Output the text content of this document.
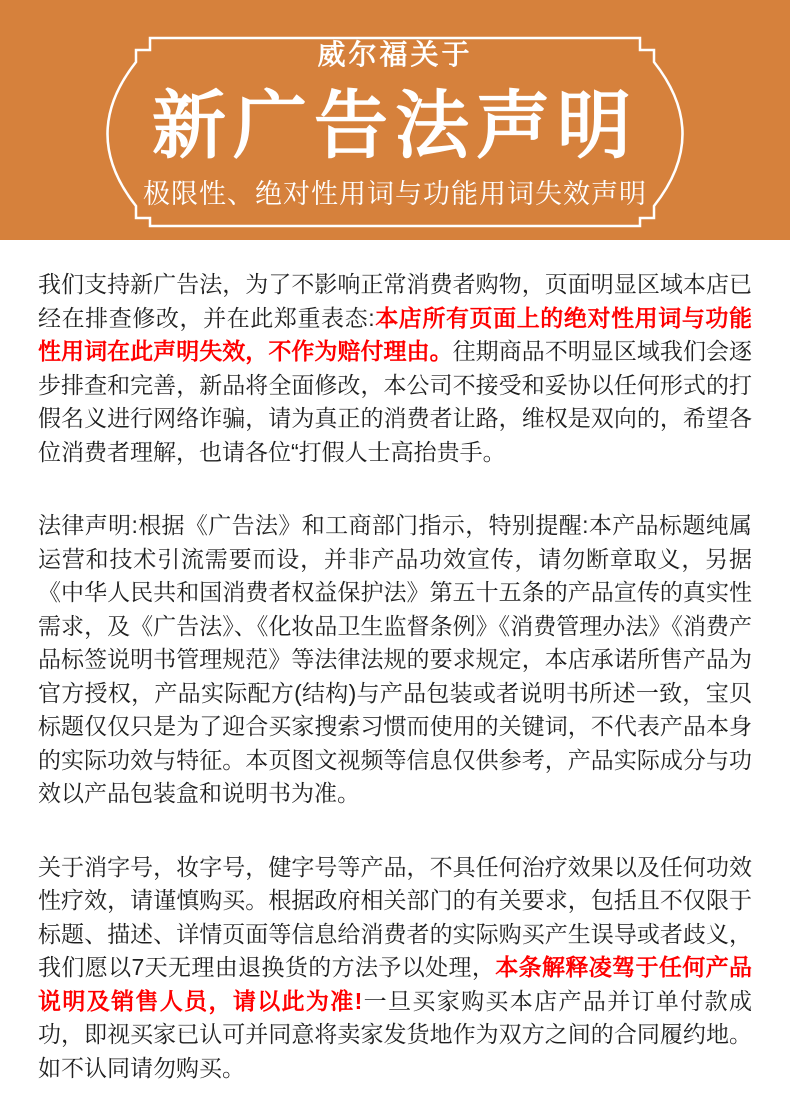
威尔福关于
新广告法声明
极限性、绝对性用词与功能用词失效声明

我们支持新广告法，为了不影响正常消费者购物，页面明显区域本店已经在排查修改，并在此郑重表态:本店所有页面上的绝对性用词与功能性用词在此声明失效，不作为赔付理由。往期商品不明显区域我们会逐步排查和完善，新品将全面修改，本公司不接受和妥协以任何形式的打假名义进行网络诈骗，请为真正的消费者让路，维权是双向的，希望各位消费者理解，也请各位“打假人士高抬贵手。

法律声明:根据《广告法》和工商部门指示，特别提醒:本产品标题纯属运营和技术引流需要而设，并非产品功效宣传，请勿断章取义，另据《中华人民共和国消费者权益保护法》第五十五条的产品宣传的真实性需求，及《广告法》、《化妆品卫生监督条例》《消费管理办法》《消费产品标签说明书管理规范》等法律法规的要求规定，本店承诺所售产品为官方授权，产品实际配方(结构)与产品包装或者说明书所述一致，宝贝标题仅仅只是为了迎合买家搜索习惯而使用的关键词，不代表产品本身的实际功效与特征。本页图文视频等信息仅供参考，产品实际成分与功效以产品包装盒和说明书为准。

关于消字号，妆字号，健字号等产品，不具任何治疗效果以及任何功效性疗效，请谨慎购买。根据政府相关部门的有关要求，包括且不仅限于标题、描述、详情页面等信息给消费者的实际购买产生误导或者歧义，我们愿以7天无理由退换货的方法予以处理，本条解释凌驾于任何产品说明及销售人员，请以此为准!一旦买家购买本店产品并订单付款成功，即视买家已认可并同意将卖家发货地作为双方之间的合同履约地。如不认同请勿购买。
